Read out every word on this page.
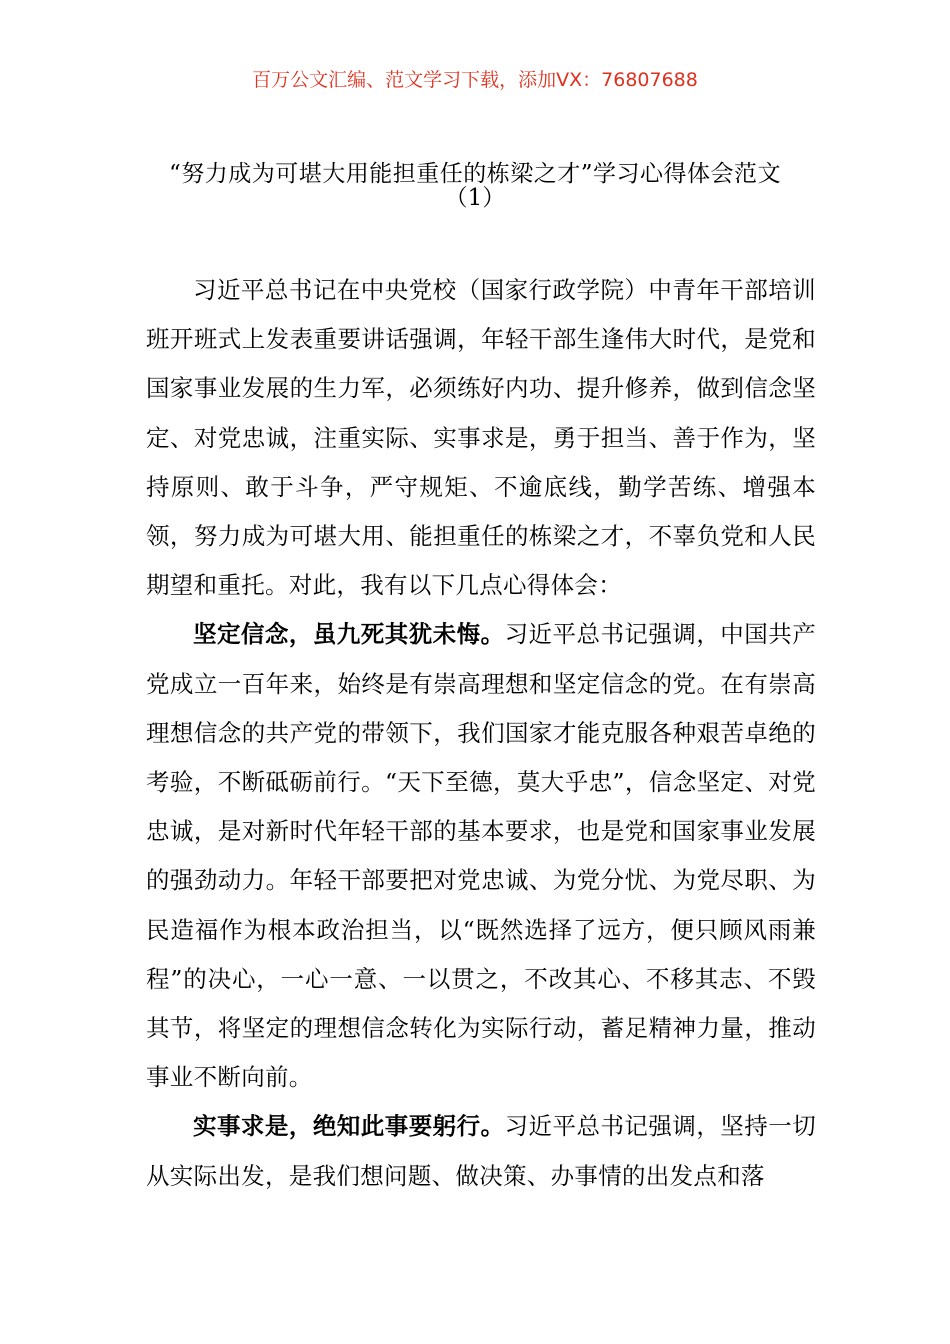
百万公文汇编、范文学习下载，添加VX：76807688
“努力成为可堪大用能担重任的栋梁之才”学习心得体会范文
（1）

习近平总书记在中央党校（国家行政学院）中青年干部培训班开班式上发表重要讲话强调，年轻干部生逢伟大时代，是党和国家事业发展的生力军，必须练好内功、提升修养，做到信念坚定、对党忠诚，注重实际、实事求是，勇于担当、善于作为，坚持原则、敢于斗争，严守规矩、不逾底线，勤学苦练、增强本领，努力成为可堪大用、能担重任的栋梁之才，不辜负党和人民期望和重托。对此，我有以下几点心得体会：

坚定信念，虽九死其犹未悔。习近平总书记强调，中国共产党成立一百年来，始终是有崇高理想和坚定信念的党。在有崇高理想信念的共产党的带领下，我们国家才能克服各种艰苦卓绝的考验，不断砥砺前行。“天下至德，莫大乎忠”，信念坚定、对党忠诚，是对新时代年轻干部的基本要求，也是党和国家事业发展的强劲动力。年轻干部要把对党忠诚、为党分忧、为党尽职、为民造福作为根本政治担当，以“既然选择了远方，便只顾风雨兼程”的决心，一心一意、一以贯之，不改其心、不移其志、不毁其节，将坚定的理想信念转化为实际行动，蓄足精神力量，推动事业不断向前。

实事求是，绝知此事要躬行。习近平总书记强调，坚持一切从实际出发，是我们想问题、做决策、办事情的出发点和落
